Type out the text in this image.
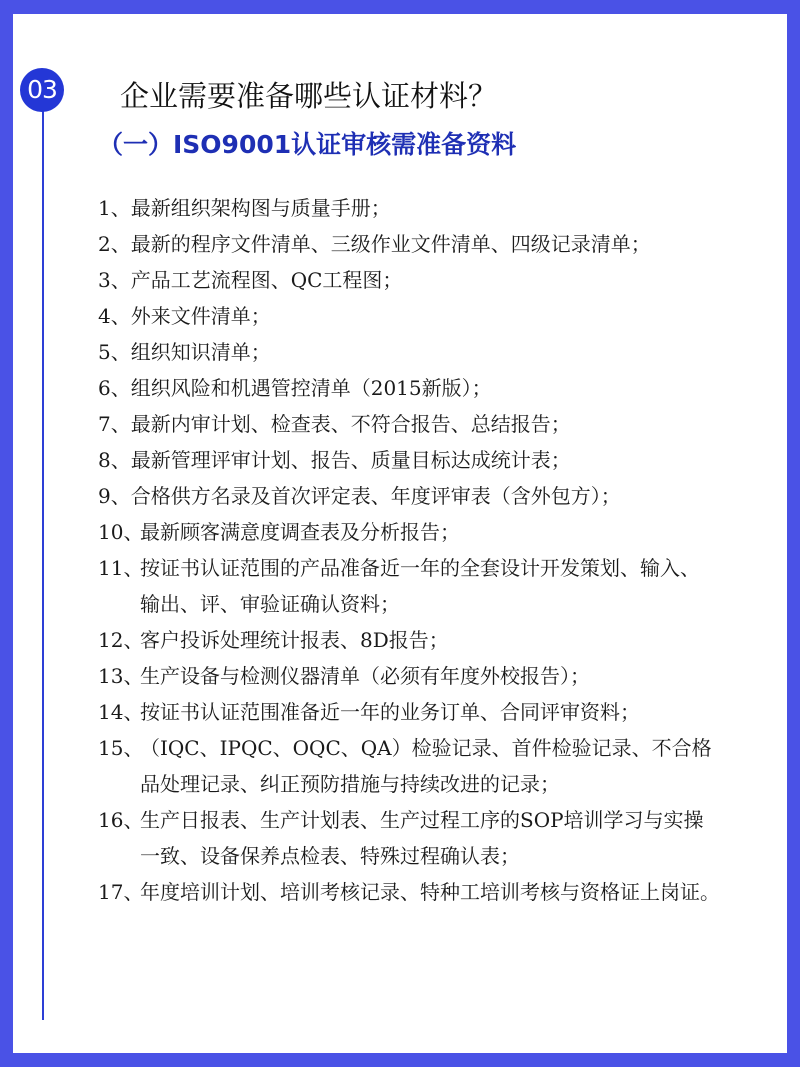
03 企业需要准备哪些认证材料？
（一）ISO9001认证审核需准备资料
1、 最新组织架构图与质量手册；
2、 最新的程序文件清单、三级作业文件清单、四级记录清单；
3、 产品工艺流程图、QC工程图；
4、 外来文件清单；
5、 组织知识清单；
6、 组织风险和机遇管控清单（2015新版）；
7、 最新内审计划、检查表、不符合报告、总结报告；
8、 最新管理评审计划、报告、质量目标达成统计表；
9、 合格供方名录及首次评定表、年度评审表（含外包方）；
10、
最新顾客满意度调查表及分析报告；
11、
按证书认证范围的产品准备近一年的全套设计开发策划、输入、
输出、评、审验证确认资料；
12、
客户投诉处理统计报表、8D报告；
13、
生产设备与检测仪器清单（必须有年度外校报告）；
14、
按证书认证范围准备近一年的业务订单、合同评审资料；
15、
（IQC、IPQC、OQC、QA）检验记录、首件检验记录、不合格
品处理记录、纠正预防措施与持续改进的记录；
16、
生产日报表、生产计划表、生产过程工序的SOP培训学习与实操
一致、设备保养点检表、特殊过程确认表；
17、
年度培训计划、培训考核记录、特种工培训考核与资格证上岗证。
